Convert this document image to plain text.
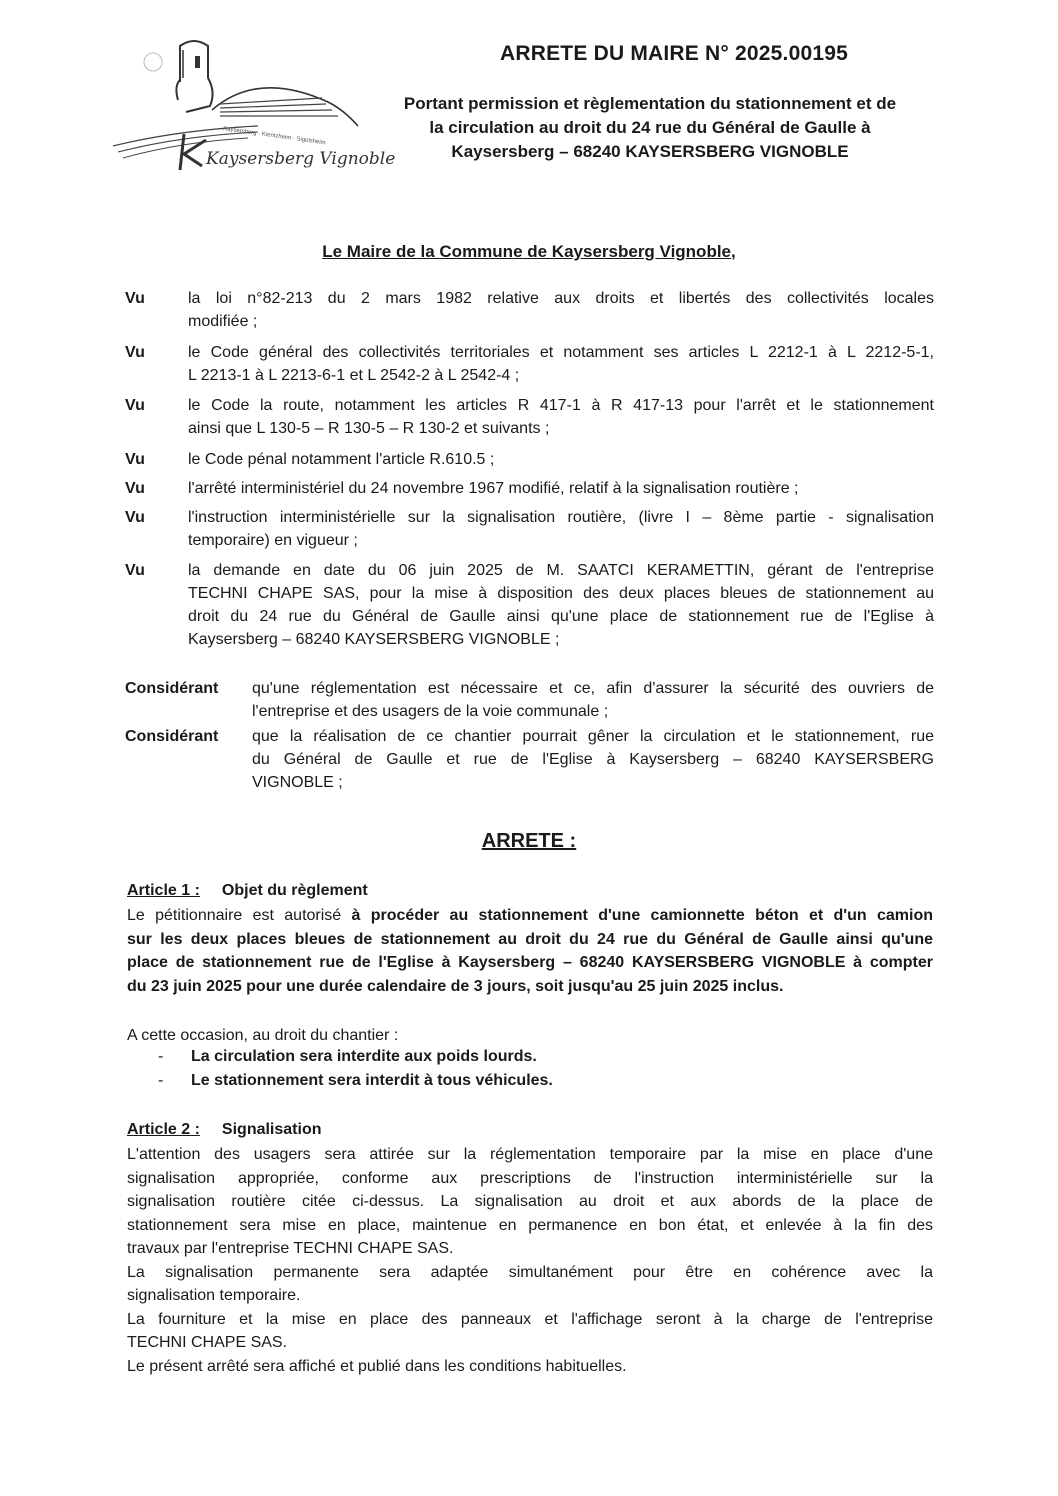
Kaysersberg · Kientzheim · Sigolsheim
Kaysersberg Vignoble
ARRETE DU MAIRE N° 2025.00195
Portant permission et règlementation du stationnement et de
la circulation au droit du 24 rue du Général de Gaulle à
Kaysersberg – 68240 KAYSERSBERG VIGNOBLE
Le Maire de la Commune de Kaysersberg Vignoble,
Vu	la loi n°82-213 du 2 mars 1982 relative aux droits et libertés des collectivités locales
modifiée ;
Vu	le Code général des collectivités territoriales et notamment ses articles L 2212-1 à L 2212-5-1,
L 2213-1 à L 2213-6-1 et L 2542-2 à L 2542-4 ;
Vu	le Code la route, notamment les articles R 417-1 à R 417-13 pour l'arrêt et le stationnement
ainsi que L 130-5 – R 130-5 – R 130-2 et suivants ;
Vu	le Code pénal notamment l'article R.610.5 ;
Vu	l'arrêté interministériel du 24 novembre 1967 modifié, relatif à la signalisation routière ;
Vu	l'instruction interministérielle sur la signalisation routière, (livre I – 8ème partie - signalisation
temporaire) en vigueur ;
Vu	la demande en date du 06 juin 2025 de M. SAATCI KERAMETTIN, gérant de l'entreprise
TECHNI CHAPE SAS, pour la mise à disposition des deux places bleues de stationnement au
droit du 24 rue du Général de Gaulle ainsi qu'une place de stationnement rue de l'Eglise à
Kaysersberg – 68240 KAYSERSBERG VIGNOBLE ;
Considérant qu'une réglementation est nécessaire et ce, afin d'assurer la sécurité des ouvriers de
l'entreprise et des usagers de la voie communale ;
Considérant que la réalisation de ce chantier pourrait gêner la circulation et le stationnement, rue
du Général de Gaulle et rue de l'Eglise à Kaysersberg – 68240 KAYSERSBERG
VIGNOBLE ;
ARRETE :
Article 1 : Objet du règlement
Le pétitionnaire est autorisé à procéder au stationnement d'une camionnette béton et d'un camion
sur les deux places bleues de stationnement au droit du 24 rue du Général de Gaulle ainsi qu'une
place de stationnement rue de l'Eglise à Kaysersberg – 68240 KAYSERSBERG VIGNOBLE à compter
du 23 juin 2025 pour une durée calendaire de 3 jours, soit jusqu'au 25 juin 2025 inclus.
A cette occasion, au droit du chantier :
- La circulation sera interdite aux poids lourds.
- Le stationnement sera interdit à tous véhicules.
Article 2 : Signalisation
L'attention des usagers sera attirée sur la réglementation temporaire par la mise en place d'une
signalisation appropriée, conforme aux prescriptions de l'instruction interministérielle sur la
signalisation routière citée ci-dessus. La signalisation au droit et aux abords de la place de
stationnement sera mise en place, maintenue en permanence en bon état, et enlevée à la fin des
travaux par l'entreprise TECHNI CHAPE SAS.
La signalisation permanente sera adaptée simultanément pour être en cohérence avec la
signalisation temporaire.
La fourniture et la mise en place des panneaux et l'affichage seront à la charge de l'entreprise
TECHNI CHAPE SAS.
Le présent arrêté sera affiché et publié dans les conditions habituelles.
